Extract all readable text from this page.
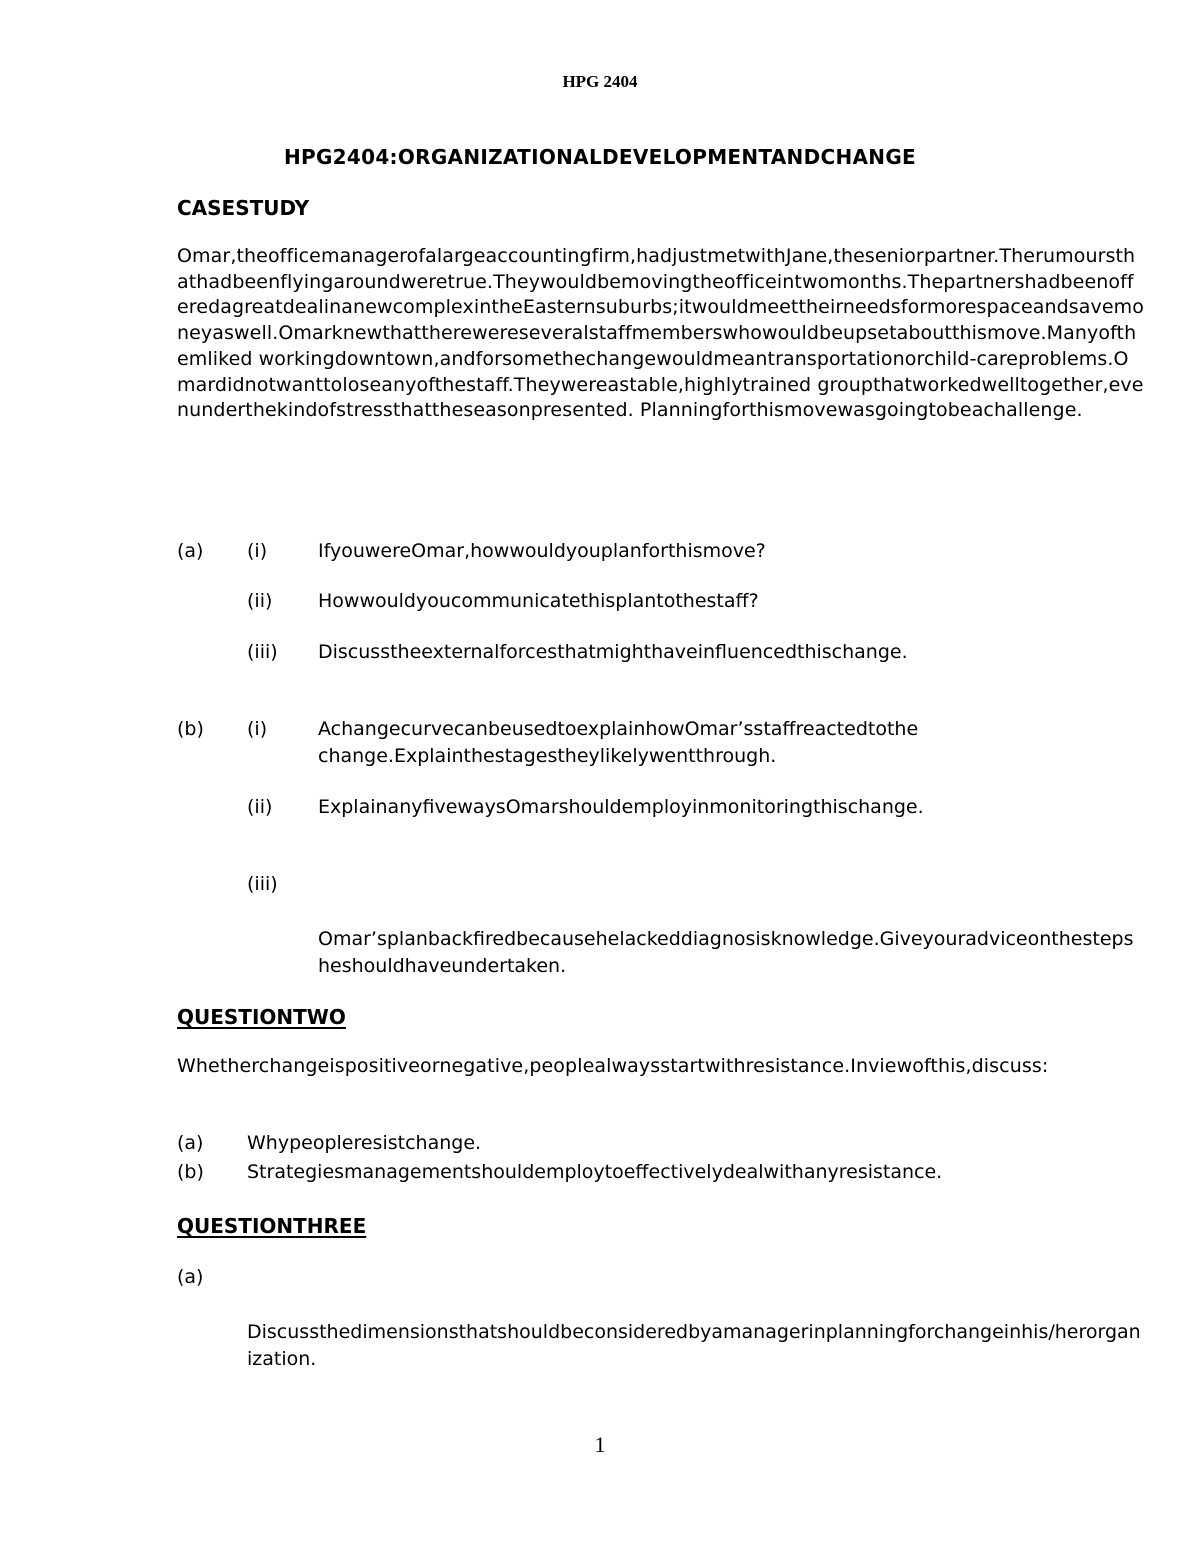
HPG 2404
HPG2404:ORGANIZATIONALDEVELOPMENTANDCHANGE
CASESTUDY
Omar,theofficemanagerofalargeaccountingfirm,hadjustmetwithJane,theseniorpartner.Therumoursthathadbeenflyingaroundweretrue.Theywouldbemovingtheofficeintwomonths.ThepartnershadbeenofferedagreatdealinanewcomplexintheEasternsuburbs;itwouldmeettheirneedsformorespaceandsavemoneyaswell.Omarknewthattherewereseveralstaffmemberswhowouldbeupsetaboutthismove.Manyofthemliked workingdowntown,andforsomethechangewouldmeantransportationorchild-careproblems.Omardidnotwanttoloseanyofthestaff.Theywereastable,highlytrained groupthatworkedwelltogether,evenunderthekindofstressthattheseasonpresented. Planningforthismovewasgoingtobeachallenge.
(a) (i)	IfyouwereOmar,howwouldyouplanforthismove?
(ii) Howwouldyoucommunicatethisplantothestaff?
(iii) Discusstheexternalforcesthatmighthaveinfluencedthischange.
(b) (i)	AchangecurvecanbeusedtoexplainhowOmar’sstaffreactedtothe change.Explainthestagestheylikelywentthrough.
(ii) ExplainanyfivewaysOmarshouldemployinmonitoringthischange.
(iii)
Omar’splanbackfiredbecausehelackeddiagnosisknowledge.Giveyouradviceonthestepsheshouldhaveundertaken.
QUESTIONTWO
Whetherchangeispositiveornegative,peoplealwaysstartwithresistance.Inviewofthis,discuss:
(a) Whypeopleresistchange.
(b) Strategiesmanagementshouldemploytoeffectivelydealwithanyresistance.
QUESTIONTHREE
(a)
Discussthedimensionsthatshouldbeconsideredbyamanagerinplanningforchangeinhis/herorganization.
1
